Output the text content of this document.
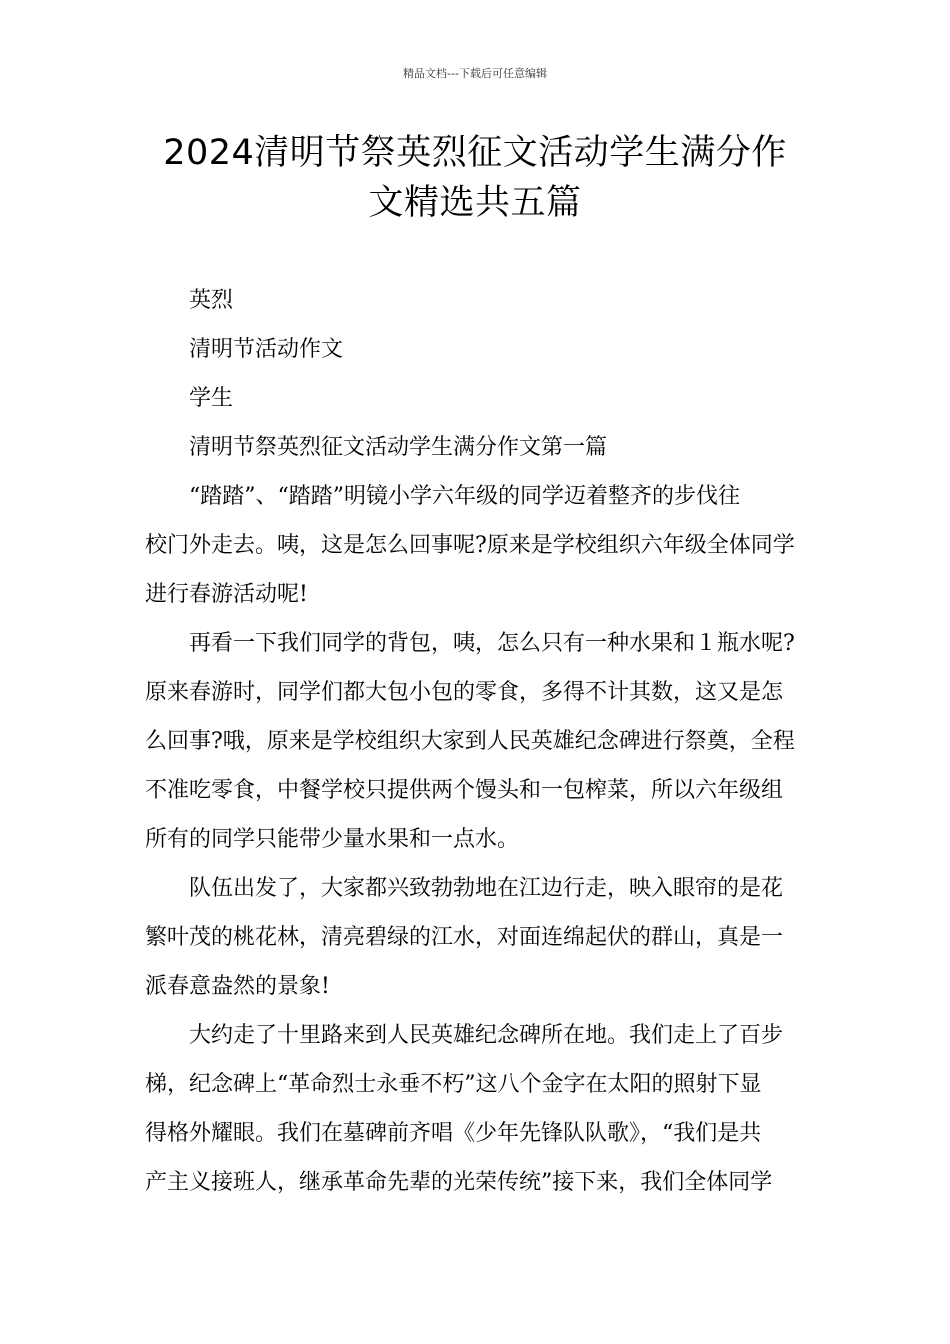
精品文档---下载后可任意编辑
2024清明节祭英烈征文活动学生满分作
文精选共五篇

英烈

清明节活动作文

学生

清明节祭英烈征文活动学生满分作文第一篇

“踏踏”、“踏踏”明镜小学六年级的同学迈着整齐的步伐往
校门外走去。咦，这是怎么回事呢?原来是学校组织六年级全体同学
进行春游活动呢!
再看一下我们同学的背包，咦，怎么只有一种水果和１瓶水呢?
原来春游时，同学们都大包小包的零食，多得不计其数，这又是怎
么回事?哦，原来是学校组织大家到人民英雄纪念碑进行祭奠，全程
不准吃零食，中餐学校只提供两个馒头和一包榨菜，所以六年级组
所有的同学只能带少量水果和一点水。
队伍出发了，大家都兴致勃勃地在江边行走，映入眼帘的是花
繁叶茂的桃花林，清亮碧绿的江水，对面连绵起伏的群山，真是一
派春意盎然的景象!
大约走了十里路来到人民英雄纪念碑所在地。我们走上了百步
梯，纪念碑上“革命烈士永垂不朽”这八个金字在太阳的照射下显
得格外耀眼。我们在墓碑前齐唱《少年先锋队队歌》，“我们是共
产主义接班人，继承革命先辈的光荣传统”接下来，我们全体同学
